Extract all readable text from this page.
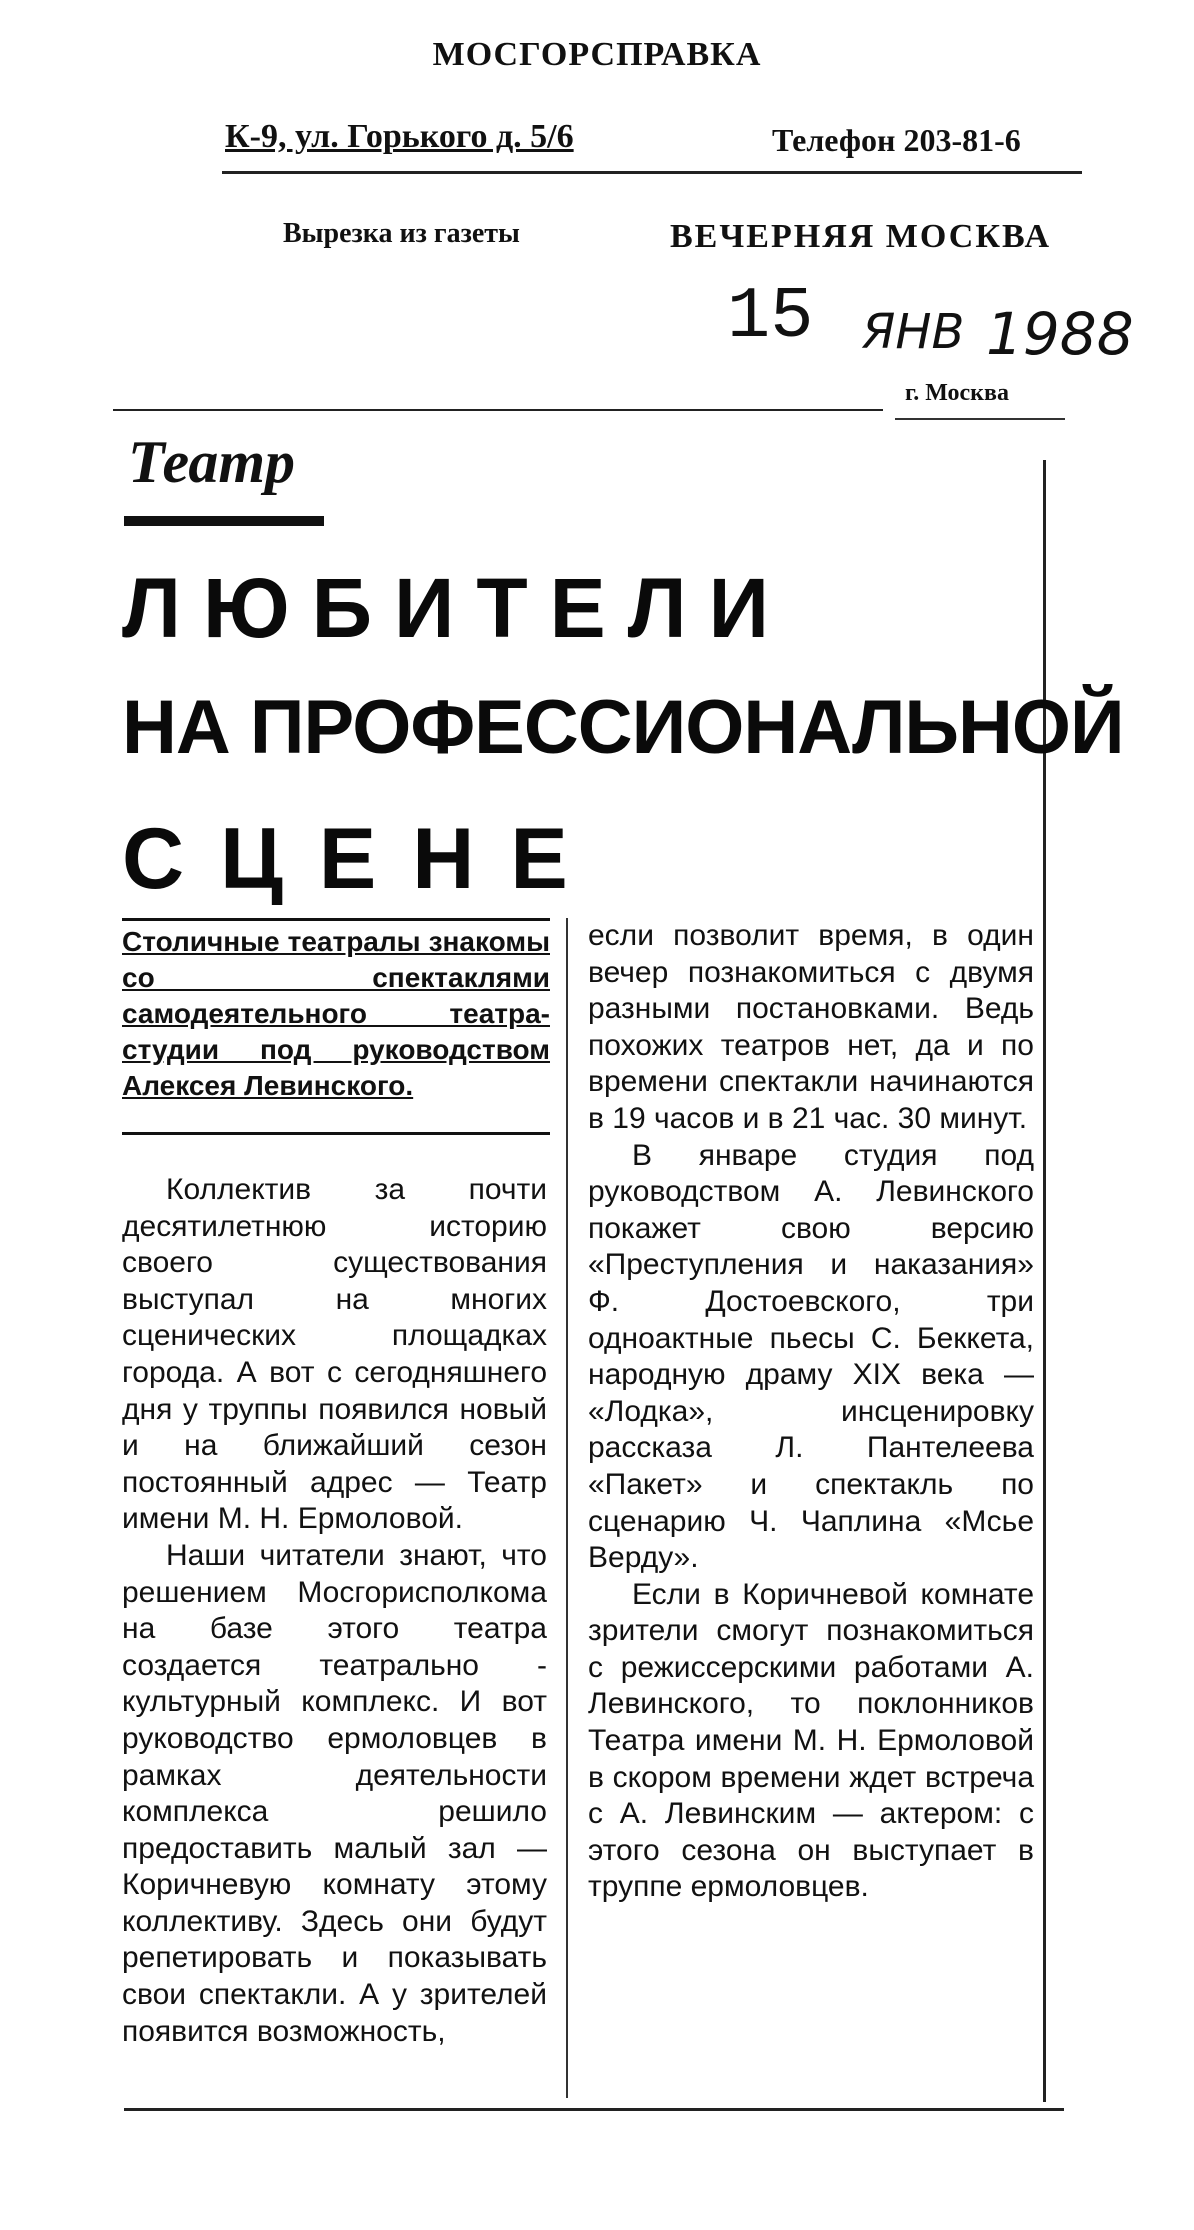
МОСГОРСПРАВКА
К-9, ул. Горького д. 5/6	Телефон 203-81-6
Вырезка из газеты	ВЕЧЕРНЯЯ МОСКВА
15 ЯНВ 1988
г. Москва
Театр
ЛЮБИТЕЛИ
НА ПРОФЕССИОНАЛЬНОЙ
СЦЕНЕ
Столичные театралы знакомы со спектаклями самодеятельного театра-студии под руководством Алексея Левинского.

Коллектив за почти десятилетнюю историю своего существования выступал на многих сценических площадках города. А вот с сегодняшнего дня у труппы появился новый и на ближайший сезон постоянный адрес — Театр имени М. Н. Ермоловой.

Наши читатели знают, что решением Мосгорисполкома на базе этого театра создается театрально - культурный комплекс. И вот руководство ермоловцев в рамках деятельности комплекса решило предоставить малый зал — Коричневую комнату этому коллективу. Здесь они будут репетировать и показывать свои спектакли. А у зрителей появится возможность,

если позволит время, в один вечер познакомиться с двумя разными постановками. Ведь похожих театров нет, да и по времени спектакли начинаются в 19 часов и в 21 час. 30 минут.

В январе студия под руководством А. Левинского покажет свою версию «Преступления и наказания» Ф. Достоевского, три одноактные пьесы С. Беккета, народную драму XIX века — «Лодка», инсценировку рассказа Л. Пантелеева «Пакет» и спектакль по сценарию Ч. Чаплина «Мсье Верду».

Если в Коричневой комнате зрители смогут познакомиться с режиссерскими работами А. Левинского, то поклонников Театра имени М. Н. Ермоловой в скором времени ждет встреча с А. Левинским — актером: с этого сезона он выступает в труппе ермоловцев.
